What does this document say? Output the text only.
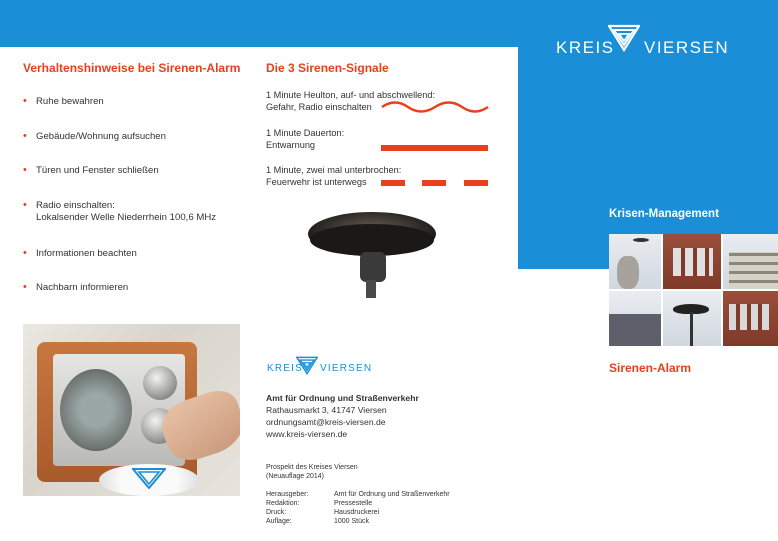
KREIS VIERSEN
Verhaltenshinweise bei Sirenen-Alarm
• Ruhe bewahren
• Gebäude/Wohnung aufsuchen
• Türen und Fenster schließen
• Radio einschalten:
Lokalsender Welle Niederrhein 100,6 MHz
• Informationen beachten
• Nachbarn informieren
Die 3 Sirenen-Signale
1 Minute Heulton, auf- und abschwellend:
Gefahr, Radio einschalten
1 Minute Dauerton:
Entwarnung
1 Minute, zwei mal unterbrochen:
Feuerwehr ist unterwegs
KREIS VIERSEN
Amt für Ordnung und Straßenverkehr
Rathausmarkt 3, 41747 Viersen
ordnungsamt@kreis-viersen.de
www.kreis-viersen.de
Prospekt des Kreises Viersen
(Neuauflage 2014)
Herausgeber:	Amt für Ordnung und Straßenverkehr
Redaktion:	Pressestelle
Druck:	Hausdruckerei
Auflage:	1000 Stück
Krisen-Management
Sirenen-Alarm
